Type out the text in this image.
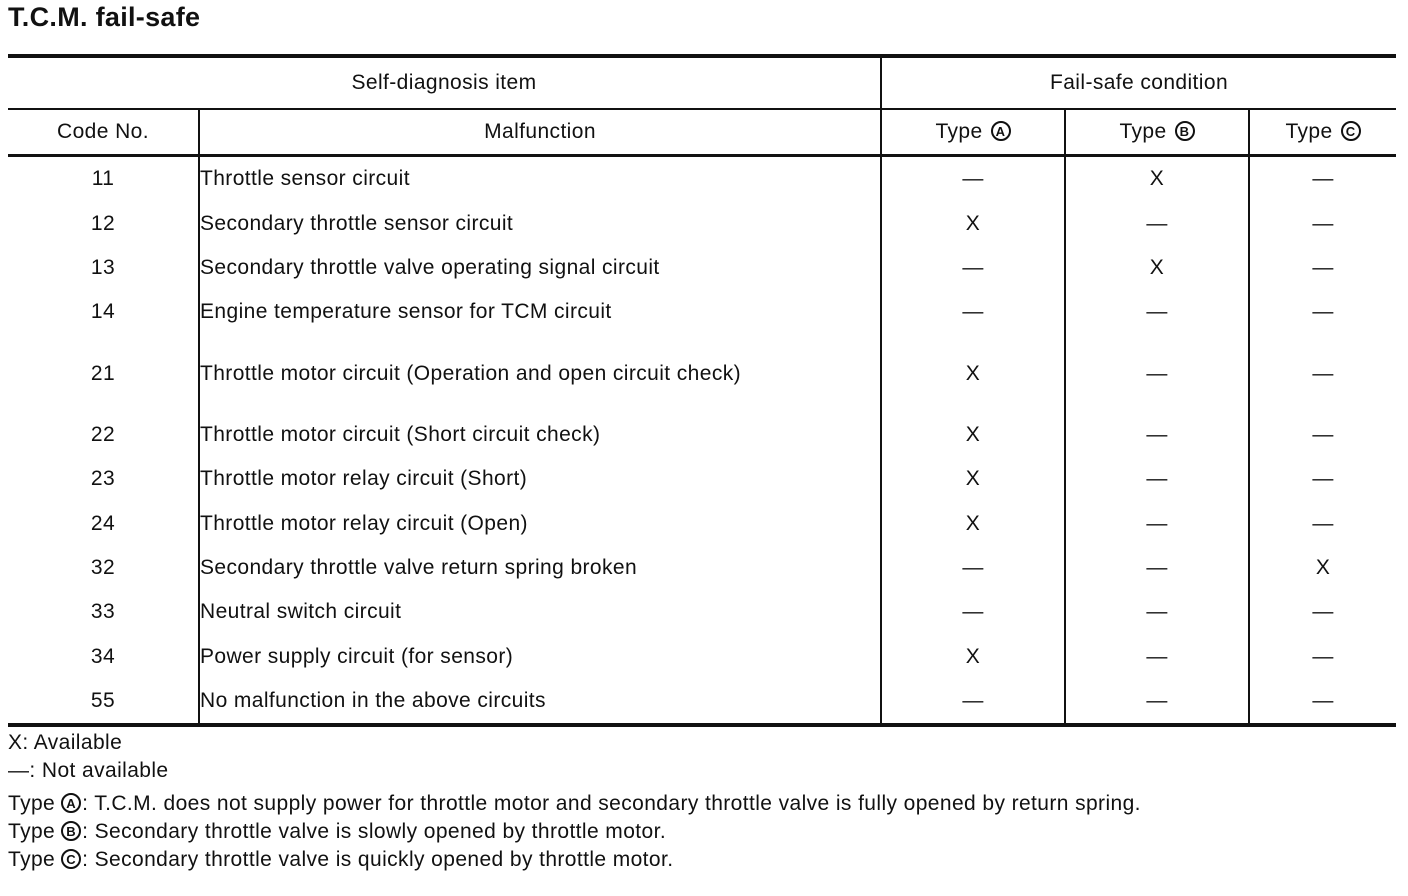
T.C.M. fail-safe
Self-diagnosis item		Fail-safe condition		
Code No.	Malfunction	Type A	Type B	Type C
11	Throttle sensor circuit	—	X	—
12	Secondary throttle sensor circuit	X	—	—
13	Secondary throttle valve operating signal circuit	—	X	—
14	Engine temperature sensor for TCM circuit	—	—	—
21	Throttle motor circuit (Operation and open circuit check)	X	—	—
22	Throttle motor circuit (Short circuit check)	X	—	—
23	Throttle motor relay circuit (Short)	X	—	—
24	Throttle motor relay circuit (Open)	X	—	—
32	Secondary throttle valve return spring broken	—	—	X
33	Neutral switch circuit	—	—	—
34	Power supply circuit (for sensor)	X	—	—
55	No malfunction in the above circuits	—	—	—
X: Available
—: Not available
Type A : T.C.M. does not supply power for throttle motor and secondary throttle valve is fully opened by return spring.
Type B : Secondary throttle valve is slowly opened by throttle motor.
Type C : Secondary throttle valve is quickly opened by throttle motor.
